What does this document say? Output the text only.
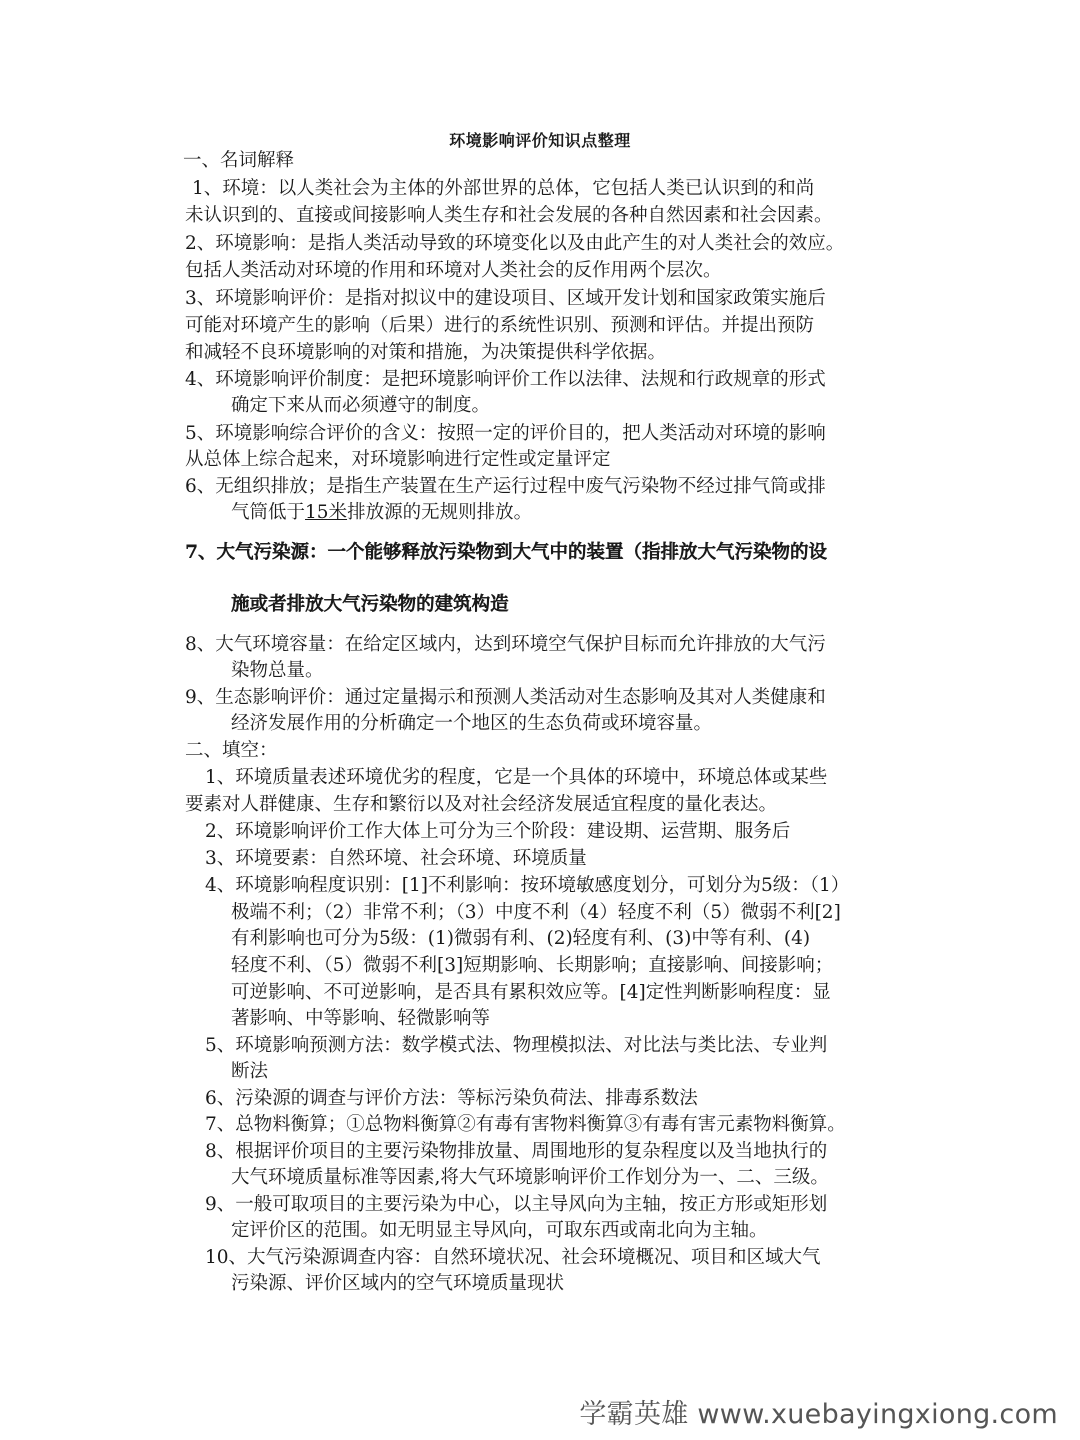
环境影响评价知识点整理
一、名词解释
1、环境：以人类社会为主体的外部世界的总体，它包括人类已认识到的和尚
未认识到的、直接或间接影响人类生存和社会发展的各种自然因素和社会因素。
2、环境影响：是指人类活动导致的环境变化以及由此产生的对人类社会的效应。
包括人类活动对环境的作用和环境对人类社会的反作用两个层次。
3、环境影响评价：是指对拟议中的建设项目、区域开发计划和国家政策实施后
可能对环境产生的影响（后果）进行的系统性识别、预测和评估。并提出预防
和减轻不良环境影响的对策和措施，为决策提供科学依据。
4、环境影响评价制度：是把环境影响评价工作以法律、法规和行政规章的形式
确定下来从而必须遵守的制度。
5、环境影响综合评价的含义：按照一定的评价目的，把人类活动对环境的影响
从总体上综合起来，对环境影响进行定性或定量评定
6、无组织排放；是指生产装置在生产运行过程中废气污染物不经过排气筒或排
气筒低于15米排放源的无规则排放。
7、大气污染源：一个能够释放污染物到大气中的装置（指排放大气污染物的设
施或者排放大气污染物的建筑构造
8、大气环境容量：在给定区域内，达到环境空气保护目标而允许排放的大气污
染物总量。
9、生态影响评价：通过定量揭示和预测人类活动对生态影响及其对人类健康和
经济发展作用的分析确定一个地区的生态负荷或环境容量。
二、填空：
1、环境质量表述环境优劣的程度，它是一个具体的环境中，环境总体或某些
要素对人群健康、生存和繁衍以及对社会经济发展适宜程度的量化表达。
2、环境影响评价工作大体上可分为三个阶段：建设期、运营期、服务后
3、环境要素：自然环境、社会环境、环境质量
4、环境影响程度识别：[1]不利影响：按环境敏感度划分，可划分为5级：（1）
极端不利；（2）非常不利；（3）中度不利（4）轻度不利（5）微弱不利[2]
有利影响也可分为5级：(1)微弱有利、(2)轻度有利、(3)中等有利、(4)
轻度不利、（5）微弱不利[3]短期影响、长期影响；直接影响、间接影响；
可逆影响、不可逆影响，是否具有累积效应等。[4]定性判断影响程度：显
著影响、中等影响、轻微影响等
5、环境影响预测方法：数学模式法、物理模拟法、对比法与类比法、专业判
断法
6、污染源的调查与评价方法：等标污染负荷法、排毒系数法
7、总物料衡算；①总物料衡算②有毒有害物料衡算③有毒有害元素物料衡算。
8、根据评价项目的主要污染物排放量、周围地形的复杂程度以及当地执行的
大气环境质量标准等因素,将大气环境影响评价工作划分为一、二、三级。
9、一般可取项目的主要污染为中心，以主导风向为主轴，按正方形或矩形划
定评价区的范围。如无明显主导风向，可取东西或南北向为主轴。
10、大气污染源调查内容：自然环境状况、社会环境概况、项目和区域大气
污染源、评价区域内的空气环境质量现状
学霸英雄 www.xuebayingxiong.com
